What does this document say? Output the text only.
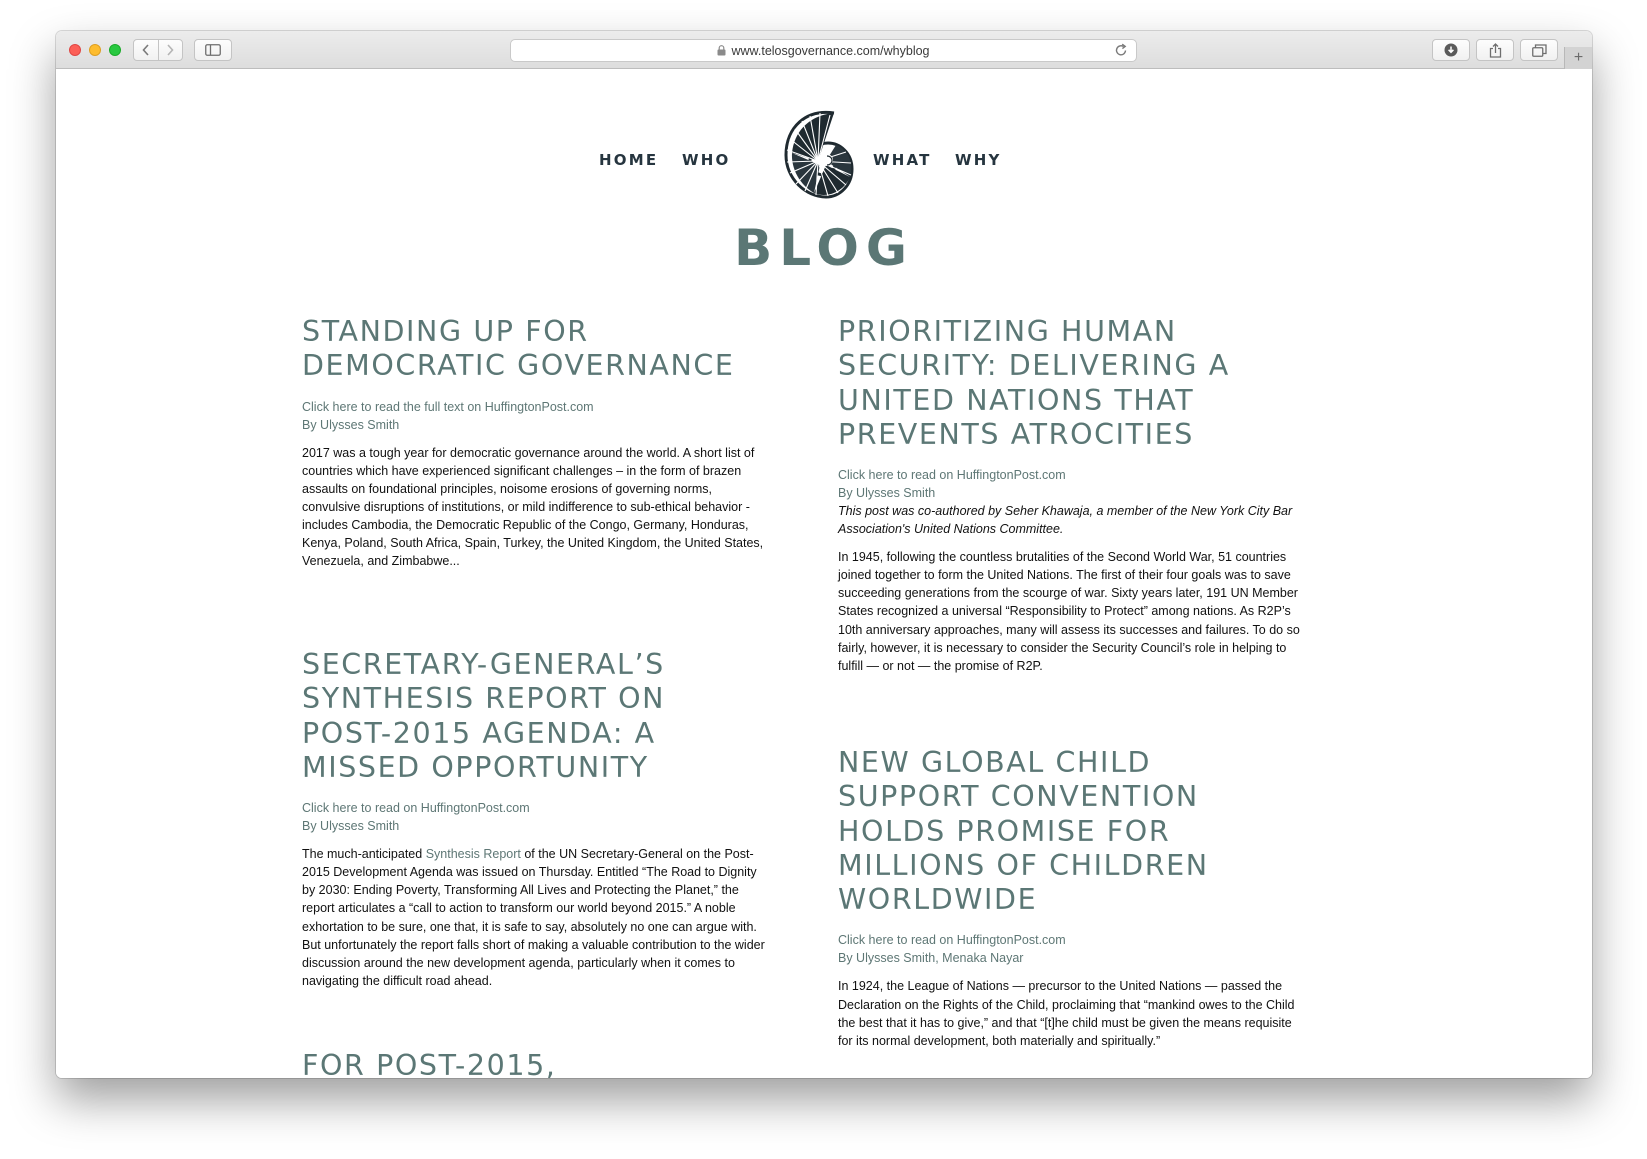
www.telosgovernance.com/whyblog	+
HOME WHO	WHAT WHY
BLOG
STANDING UP FOR
DEMOCRATIC GOVERNANCE
Click here to read the full text on HuffingtonPost.com
By Ulysses Smith

2017 was a tough year for democratic governance around the world. A short list of countries which have experienced significant challenges – in the form of brazen assaults on foundational principles, noisome erosions of governing norms, convulsive disruptions of institutions, or mild indifference to sub-ethical behavior - includes Cambodia, the Democratic Republic of the Congo, Germany, Honduras, Kenya, Poland, South Africa, Spain, Turkey, the United Kingdom, the United States, Venezuela, and Zimbabwe...

PRIORITIZING HUMAN
SECURITY: DELIVERING A
UNITED NATIONS THAT
PREVENTS ATROCITIES
Click here to read on HuffingtonPost.com
By Ulysses Smith
This post was co-authored by Seher Khawaja, a member of the New York City Bar Association's United Nations Committee.

In 1945, following the countless brutalities of the Second World War, 51 countries joined together to form the United Nations. The first of their four goals was to save succeeding generations from the scourge of war. Sixty years later, 191 UN Member States recognized a universal “Responsibility to Protect” among nations. As R2P’s 10th anniversary approaches, many will assess its successes and failures. To do so fairly, however, it is necessary to consider the Security Council’s role in helping to fulfill — or not — the promise of R2P.

SECRETARY-GENERAL’S
SYNTHESIS REPORT ON
POST-2015 AGENDA: A
MISSED OPPORTUNITY
Click here to read on HuffingtonPost.com
By Ulysses Smith

The much-anticipated Synthesis Report of the UN Secretary-General on the Post-2015 Development Agenda was issued on Thursday. Entitled “The Road to Dignity by 2030: Ending Poverty, Transforming All Lives and Protecting the Planet,” the report articulates a “call to action to transform our world beyond 2015.” A noble exhortation to be sure, one that, it is safe to say, absolutely no one can argue with. But unfortunately the report falls short of making a valuable contribution to the wider discussion around the new development agenda, particularly when it comes to navigating the difficult road ahead.

NEW GLOBAL CHILD
SUPPORT CONVENTION
HOLDS PROMISE FOR
MILLIONS OF CHILDREN
WORLDWIDE
Click here to read on HuffingtonPost.com
By Ulysses Smith, Menaka Nayar

In 1924, the League of Nations — precursor to the United Nations — passed the Declaration on the Rights of the Child, proclaiming that “mankind owes to the Child the best that it has to give,” and that “[t]he child must be given the means requisite for its normal development, both materially and spiritually.”

FOR POST-2015,
